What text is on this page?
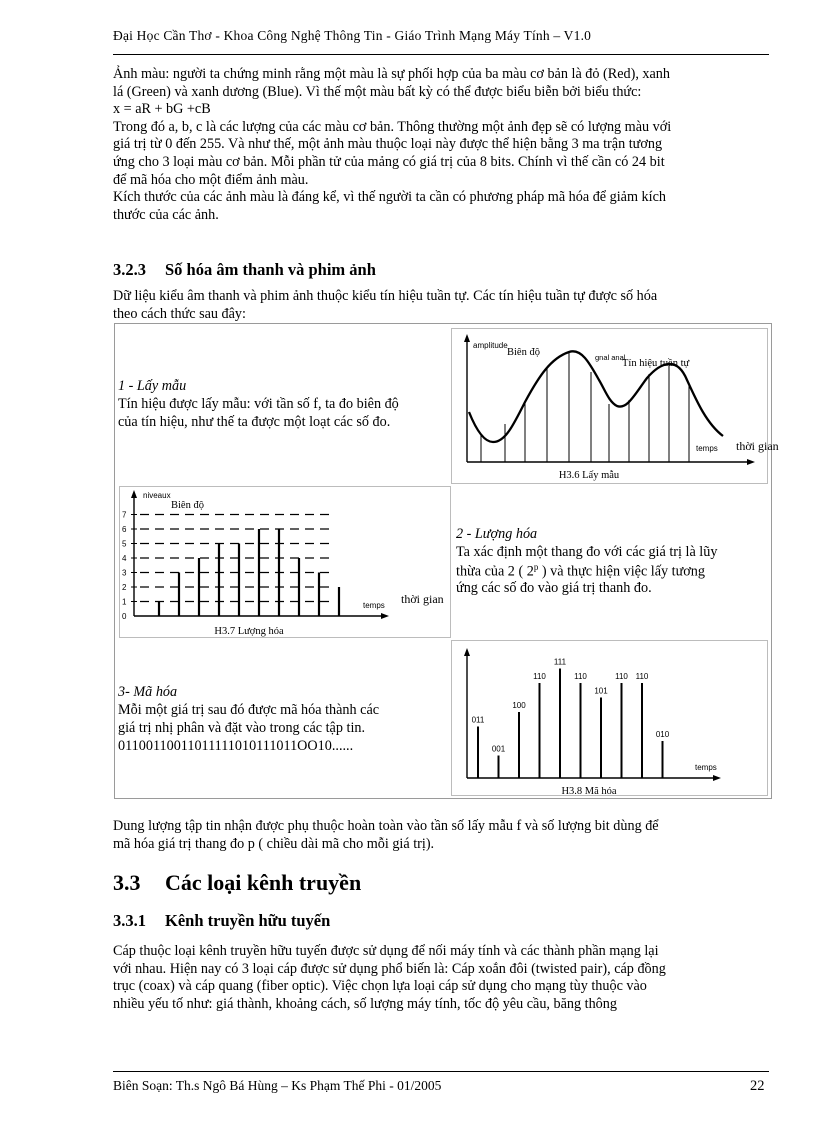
Đại Học Cần Thơ - Khoa Công Nghệ Thông Tin - Giáo Trình Mạng Máy Tính – V1.0
Ảnh màu: người ta chứng minh rằng một màu là sự phối hợp của ba màu cơ bản là đỏ (Red), xanh
lá (Green) và xanh dương (Blue). Vì thế một màu bất kỳ có thể được biểu biễn bởi biểu thức:
x = aR + bG +cB
Trong đó a, b, c là các lượng của các màu cơ bản. Thông thường một ảnh đẹp sẽ có lượng màu với
giá trị từ 0 đến 255. Và như thế, một ảnh màu thuộc loại này được thể hiện bằng 3 ma trận tương
ứng cho 3 loại màu cơ bản. Mỗi phần tử của mảng có giá trị của 8 bits. Chính vì thế cần có 24 bit
để mã hóa cho một điểm ảnh màu.
Kích thước của các ảnh màu là đáng kể, vì thế người ta cần có phương pháp mã hóa để giảm kích
thước của các ảnh.
3.2.3 Số hóa âm thanh và phim ảnh
Dữ liệu kiểu âm thanh và phim ảnh thuộc kiểu tín hiệu tuần tự. Các tín hiệu tuần tự được số hóa
theo cách thức sau đây:
1 - Lấy mẫu
Tín hiệu được lấy mẫu: với tần số f, ta đo biên độ
của tín hiệu, như thế ta được một loạt các số đo.
amplitude
temps
Biên độ	gnal anal
Tín hiệu tuần tự
H3.6 Lấy mẫu
thời gian
niveaux
temps
Biên độ
0
1
2
3
4
5
6
7
H3.7 Lượng hóa
thời gian
2 - Lượng hóa
Ta xác định một thang đo với các giá trị là lũy
thừa của 2 ( 2$^p$ ) và thực hiện việc lấy tương
ứng các số đo vào giá trị thanh đo.
3- Mã hóa
Mỗi một giá trị sau đó được mã hóa thành các
giá trị nhị phân và đặt vào trong các tập tin.
01100110011011111010111011OO10......
temps
011
001
100
110
111
110
101
110 110
010
H3.8 Mã hóa
Dung lượng tập tin nhận được phụ thuộc hoàn toàn vào tần số lấy mẫu f và số lượng bit dùng để
mã hóa giá trị thang đo p ( chiều dài mã cho mỗi giá trị).
3.3 Các loại kênh truyền
3.3.1 Kênh truyền hữu tuyến
Cáp thuộc loại kênh truyền hữu tuyến được sử dụng để nối máy tính và các thành phần mạng lại
với nhau. Hiện nay có 3 loại cáp được sử dụng phổ biến là: Cáp xoắn đôi (twisted pair), cáp đồng
trục (coax) và cáp quang (fiber optic). Việc chọn lựa loại cáp sử dụng cho mạng tùy thuộc vào
nhiều yếu tố như: giá thành, khoảng cách, số lượng máy tính, tốc độ yêu cầu, băng thông
Biên Soạn: Th.s Ngô Bá Hùng – Ks Phạm Thế Phi - 01/2005	22
